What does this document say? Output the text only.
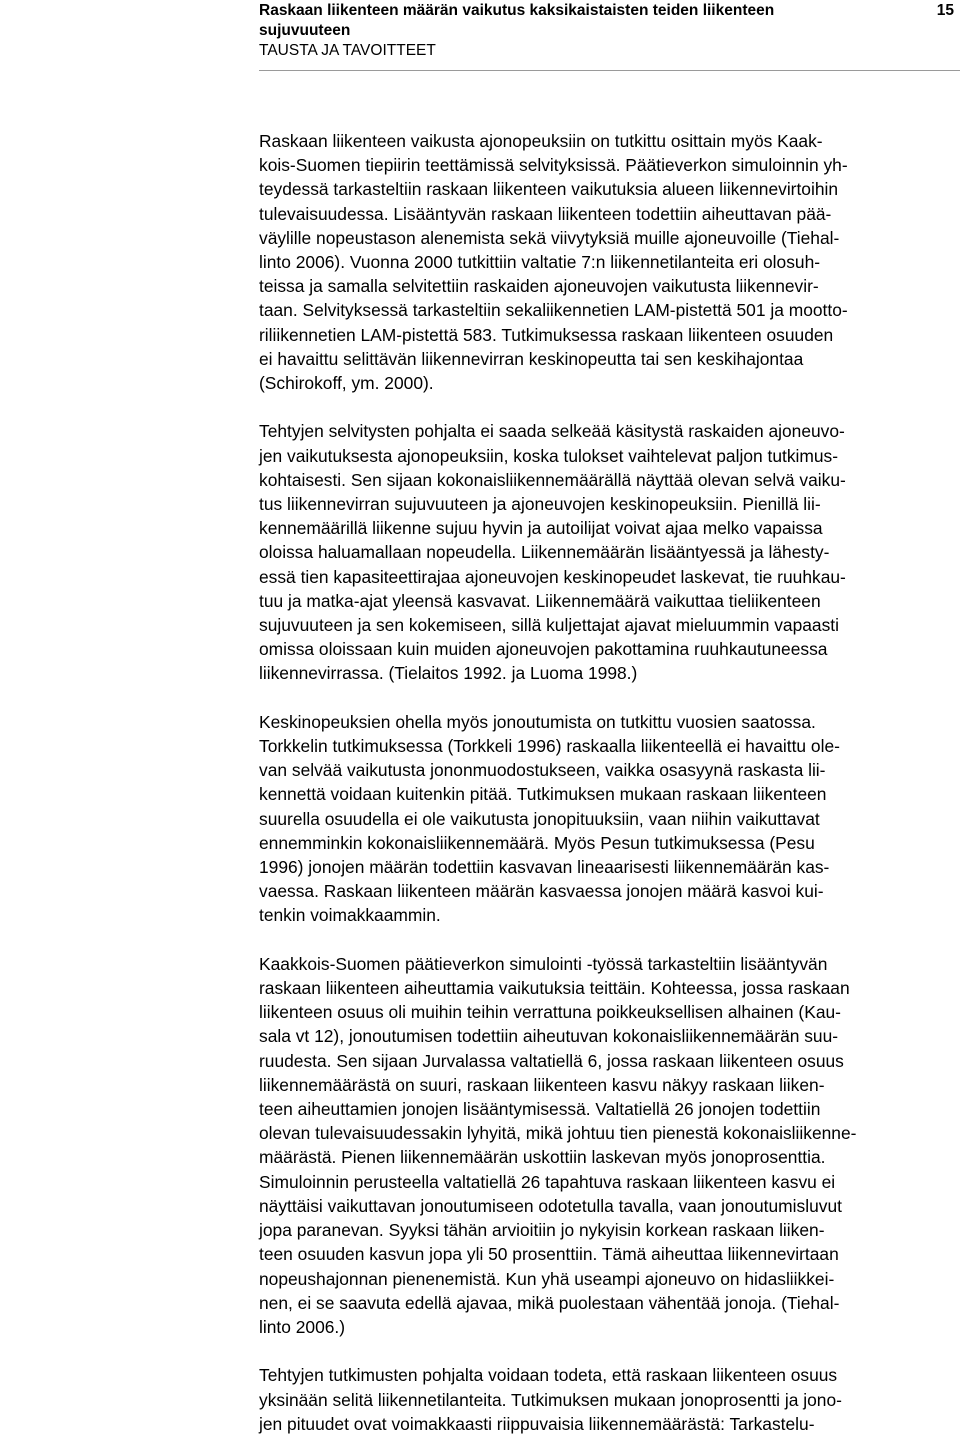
Raskaan liikenteen määrän vaikutus kaksikaistaisten teiden liikenteen sujuvuuteen
TAUSTA JA TAVOITTEET
15

Raskaan liikenteen vaikusta ajonopeuksiin on tutkittu osittain myös Kaak-
kois-Suomen tiepiirin teettämissä selvityksissä. Päätieverkon simuloinnin yh-
teydessä tarkasteltiin raskaan liikenteen vaikutuksia alueen liikennevirtoihin
tulevaisuudessa. Lisääntyvän raskaan liikenteen todettiin aiheuttavan pää-
väylille nopeustason alenemista sekä viivytyksiä muille ajoneuvoille (Tiehal-
linto 2006). Vuonna 2000 tutkittiin valtatie 7:n liikennetilanteita eri olosuh-
teissa ja samalla selvitettiin raskaiden ajoneuvojen vaikutusta liikennevir-
taan. Selvityksessä tarkasteltiin sekaliikennetien LAM-pistettä 501 ja mootto-
riliikennetien LAM-pistettä 583. Tutkimuksessa raskaan liikenteen osuuden
ei havaittu selittävän liikennevirran keskinopeutta tai sen keskihajontaa
(Schirokoff, ym. 2000).

Tehtyjen selvitysten pohjalta ei saada selkeää käsitystä raskaiden ajoneuvo-
jen vaikutuksesta ajonopeuksiin, koska tulokset vaihtelevat paljon tutkimus-
kohtaisesti. Sen sijaan kokonaisliikennemäärällä näyttää olevan selvä vaiku-
tus liikennevirran sujuvuuteen ja ajoneuvojen keskinopeuksiin. Pienillä lii-
kennemäärillä liikenne sujuu hyvin ja autoilijat voivat ajaa melko vapaissa
oloissa haluamallaan nopeudella. Liikennemäärän lisääntyessä ja lähesty-
essä tien kapasiteettirajaa ajoneuvojen keskinopeudet laskevat, tie ruuhkau-
tuu ja matka-ajat yleensä kasvavat. Liikennemäärä vaikuttaa tieliikenteen
sujuvuuteen ja sen kokemiseen, sillä kuljettajat ajavat mieluummin vapaasti
omissa oloissaan kuin muiden ajoneuvojen pakottamina ruuhkautuneessa
liikennevirrassa. (Tielaitos 1992. ja Luoma 1998.)

Keskinopeuksien ohella myös jonoutumista on tutkittu vuosien saatossa.
Torkkelin tutkimuksessa (Torkkeli 1996) raskaalla liikenteellä ei havaittu ole-
van selvää vaikutusta jononmuodostukseen, vaikka osasyynä raskasta lii-
kennettä voidaan kuitenkin pitää. Tutkimuksen mukaan raskaan liikenteen
suurella osuudella ei ole vaikutusta jonopituuksiin, vaan niihin vaikuttavat
ennemminkin kokonaisliikennemäärä. Myös Pesun tutkimuksessa (Pesu
1996) jonojen määrän todettiin kasvavan lineaarisesti liikennemäärän kas-
vaessa. Raskaan liikenteen määrän kasvaessa jonojen määrä kasvoi kui-
tenkin voimakkaammin.

Kaakkois-Suomen päätieverkon simulointi -työssä tarkasteltiin lisääntyvän
raskaan liikenteen aiheuttamia vaikutuksia teittäin. Kohteessa, jossa raskaan
liikenteen osuus oli muihin teihin verrattuna poikkeuksellisen alhainen (Kau-
sala vt 12), jonoutumisen todettiin aiheutuvan kokonaisliikennemäärän suu-
ruudesta. Sen sijaan Jurvalassa valtatiellä 6, jossa raskaan liikenteen osuus
liikennemäärästä on suuri, raskaan liikenteen kasvu näkyy raskaan liiken-
teen aiheuttamien jonojen lisääntymisessä. Valtatiellä 26 jonojen todettiin
olevan tulevaisuudessakin lyhyitä, mikä johtuu tien pienestä kokonaisliikenne-
määrästä. Pienen liikennemäärän uskottiin laskevan myös jonoprosenttia.
Simuloinnin perusteella valtatiellä 26 tapahtuva raskaan liikenteen kasvu ei
näyttäisi vaikuttavan jonoutumiseen odotetulla tavalla, vaan jonoutumisluvut
jopa paranevan. Syyksi tähän arvioitiin jo nykyisin korkean raskaan liiken-
teen osuuden kasvun jopa yli 50 prosenttiin. Tämä aiheuttaa liikennevirtaan
nopeushajonnan pienenemistä. Kun yhä useampi ajoneuvo on hidasliikkei-
nen, ei se saavuta edellä ajavaa, mikä puolestaan vähentää jonoja. (Tiehal-
linto 2006.)

Tehtyjen tutkimusten pohjalta voidaan todeta, että raskaan liikenteen osuus
yksinään selitä liikennetilanteita. Tutkimuksen mukaan jonoprosentti ja jono-
jen pituudet ovat voimakkaasti riippuvaisia liikennemäärästä: Tarkastelu-
